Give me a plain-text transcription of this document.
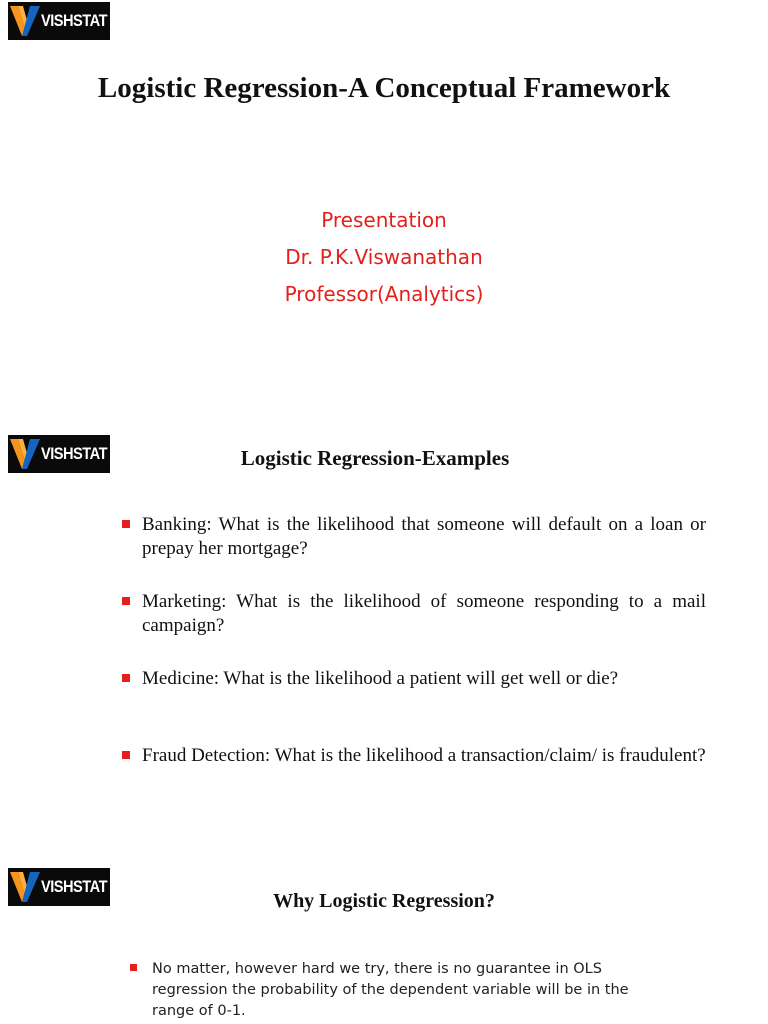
VISHSTAT
Logistic Regression-A Conceptual Framework
Presentation
Dr. P.K.Viswanathan
Professor(Analytics)
VISHSTAT	Logistic Regression-Examples

Banking: What is the likelihood that someone will default on a loan or prepay her mortgage?

Marketing: What is the likelihood of someone responding to a mail campaign?

Medicine: What is the likelihood a patient will get well or die?

Fraud Detection: What is the likelihood a transaction/claim/ is fraudulent?

VISHSTAT
Why Logistic Regression?

No matter, however hard we try, there is no guarantee in OLS regression the probability of the dependent variable will be in the range of 0-1.
